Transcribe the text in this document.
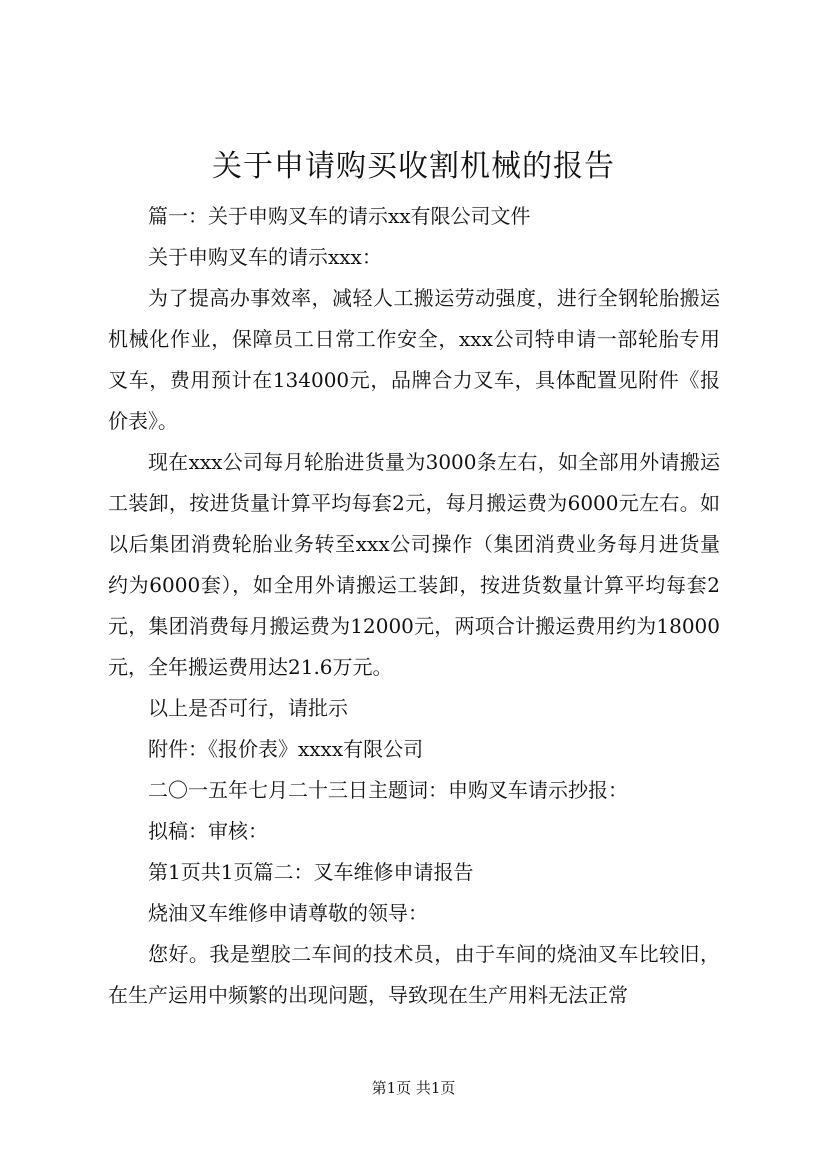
关于申请购买收割机械的报告

篇一：关于申购叉车的请示xx有限公司文件

关于申购叉车的请示xxx：

为了提高办事效率，减轻人工搬运劳动强度，进行全钢轮胎搬运机械化作业，保障员工日常工作安全，xxx公司特申请一部轮胎专用叉车，费用预计在134000元，品牌合力叉车，具体配置见附件《报价表》。

现在xxx公司每月轮胎进货量为3000条左右，如全部用外请搬运工装卸，按进货量计算平均每套2元，每月搬运费为6000元左右。如以后集团消费轮胎业务转至xxx公司操作（集团消费业务每月进货量约为6000套），如全用外请搬运工装卸，按进货数量计算平均每套2元，集团消费每月搬运费为12000元，两项合计搬运费用约为18000元，全年搬运费用达21.6万元。

以上是否可行，请批示

附件：《报价表》xxxx有限公司

二〇一五年七月二十三日主题词：申购叉车请示抄报：

拟稿：审核：

第1页共1页篇二：叉车维修申请报告

烧油叉车维修申请尊敬的领导：

您好。我是塑胶二车间的技术员，由于车间的烧油叉车比较旧，在生产运用中频繁的出现问题，导致现在生产用料无法正常

第1页 共1页
